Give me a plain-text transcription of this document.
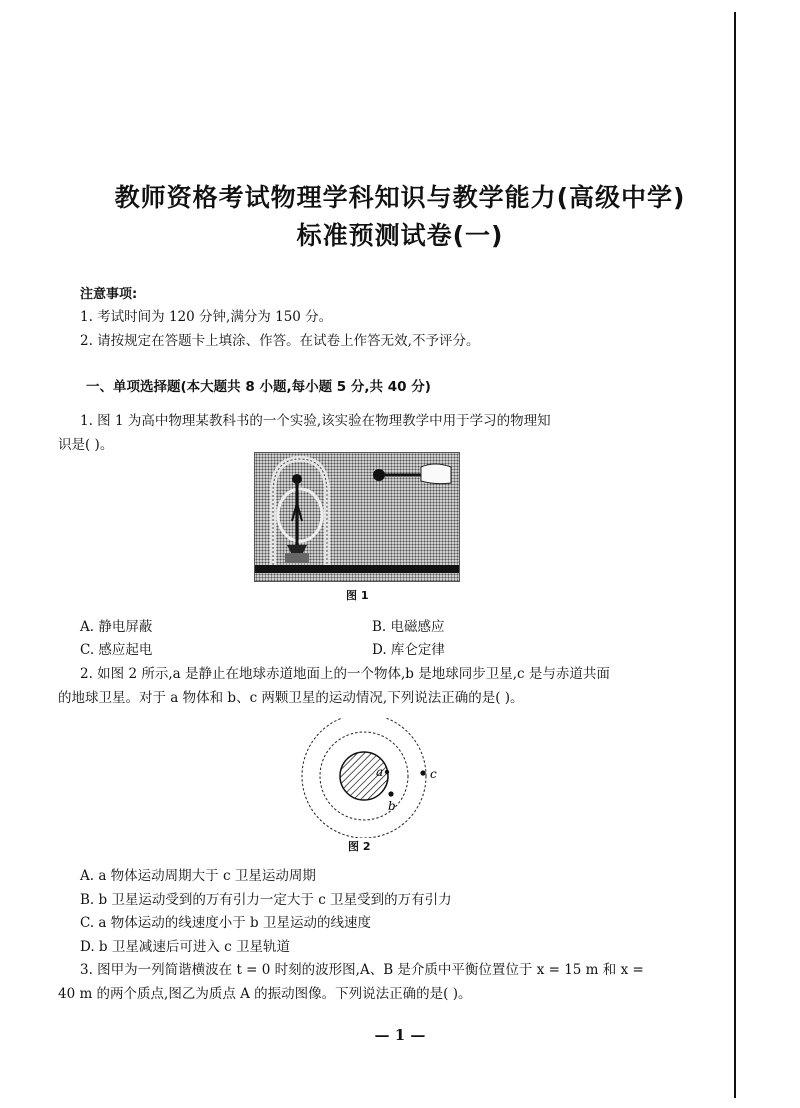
教师资格考试物理学科知识与教学能力(高级中学)
标准预测试卷(一)
注意事项:
1. 考试时间为 120 分钟,满分为 150 分。
2. 请按规定在答题卡上填涂、作答。在试卷上作答无效,不予评分。
一、单项选择题(本大题共 8 小题,每小题 5 分,共 40 分)
1. 图 1 为高中物理某教科书的一个实验,该实验在物理教学中用于学习的物理知
识是( )。
图 1
A. 静电屏蔽	B. 电磁感应
C. 感应起电	D. 库仑定律
2. 如图 2 所示,a 是静止在地球赤道地面上的一个物体,b 是地球同步卫星,c 是与赤道共面
的地球卫星。对于 a 物体和 b、c 两颗卫星的运动情况,下列说法正确的是( )。
a
b
c
图 2
A. a 物体运动周期大于 c 卫星运动周期
B. b 卫星运动受到的万有引力一定大于 c 卫星受到的万有引力
C. a 物体运动的线速度小于 b 卫星运动的线速度
D. b 卫星减速后可进入 c 卫星轨道
3. 图甲为一列简谐横波在 t = 0 时刻的波形图,A、B 是介质中平衡位置位于 x = 15 m 和 x =
40 m 的两个质点,图乙为质点 A 的振动图像。下列说法正确的是( )。
— 1 —
